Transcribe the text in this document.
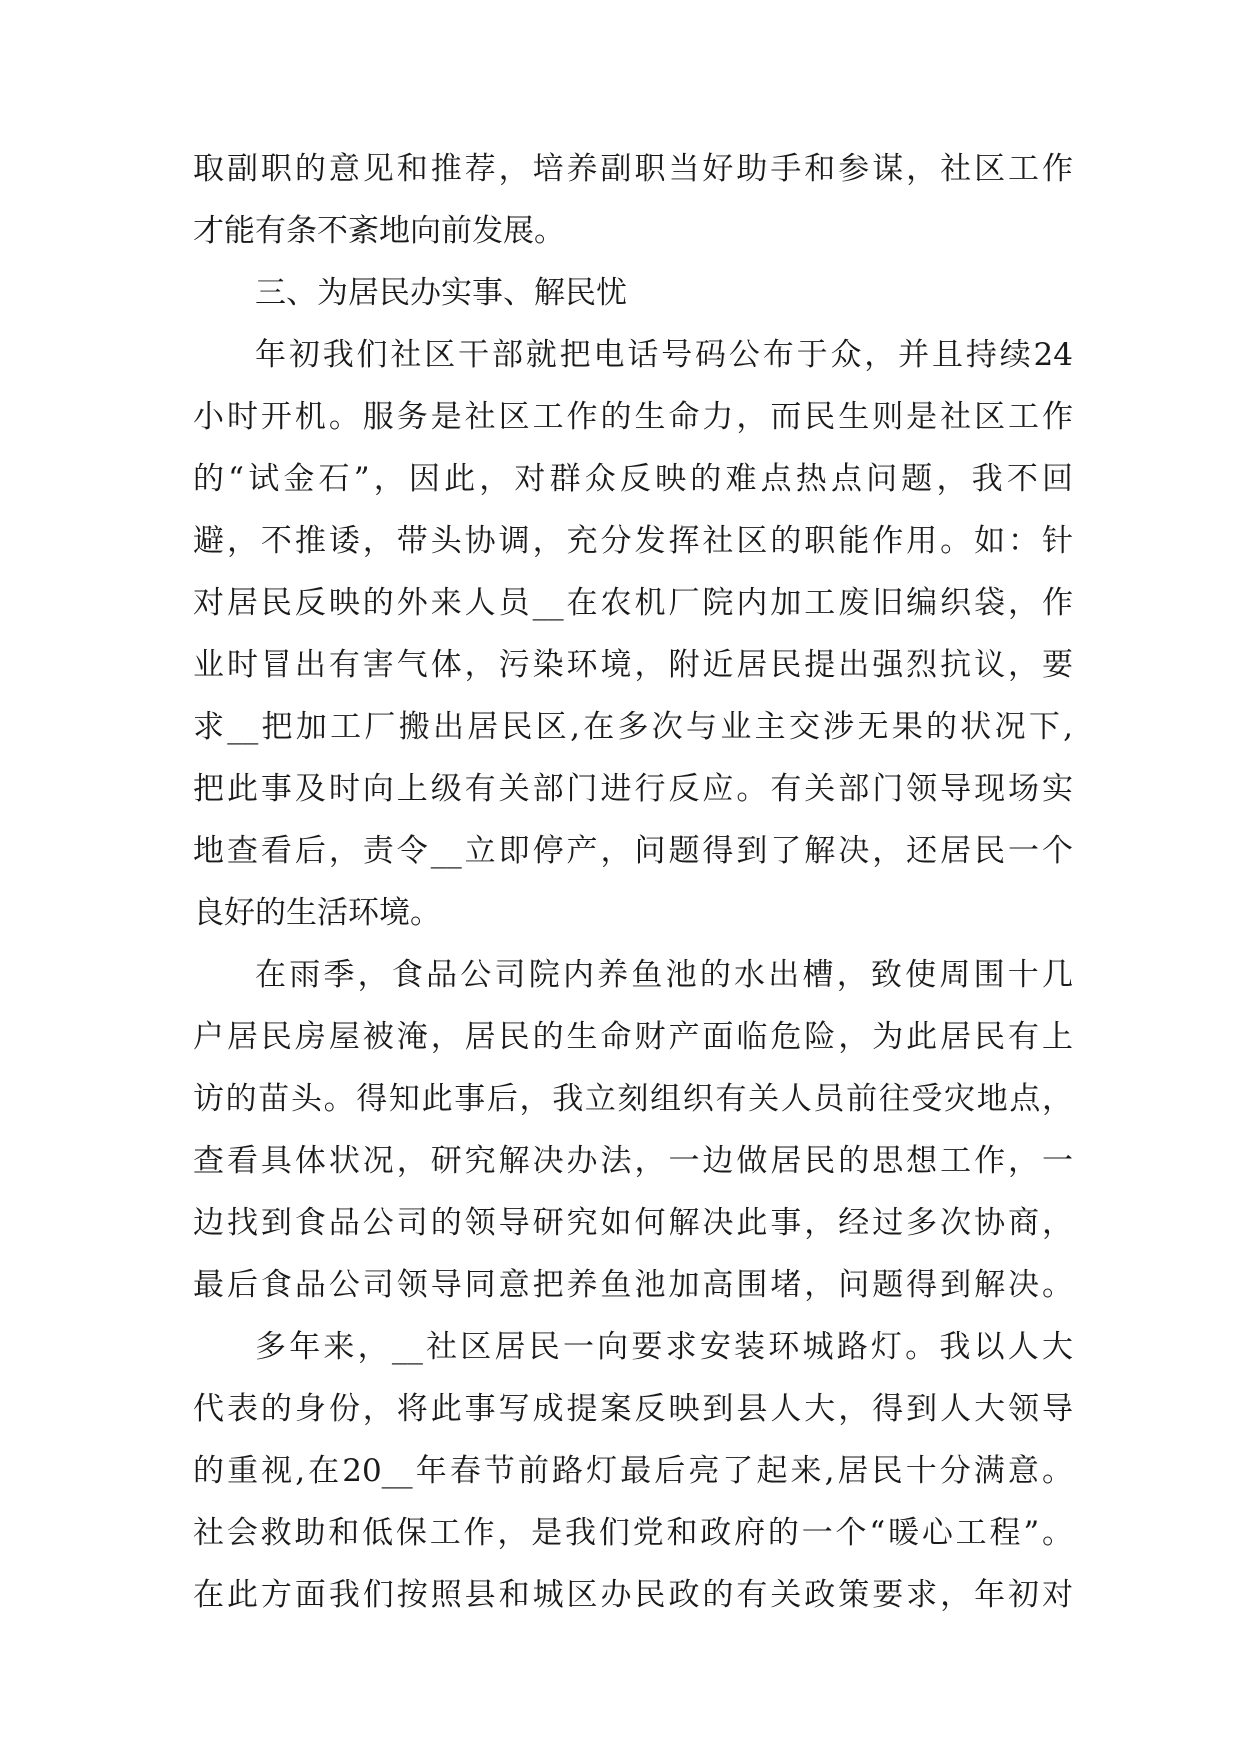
取副职的意见和推荐，培养副职当好助手和参谋，社区工作
才能有条不紊地向前发展。
三、为居民办实事、解民忧
年初我们社区干部就把电话号码公布于众，并且持续24
小时开机。服务是社区工作的生命力，而民生则是社区工作
的“试金石”，因此，对群众反映的难点热点问题，我不回
避，不推诿，带头协调，充分发挥社区的职能作用。如：针
对居民反映的外来人员__在农机厂院内加工废旧编织袋，作
业时冒出有害气体，污染环境，附近居民提出强烈抗议，要
求__把加工厂搬出居民区,在多次与业主交涉无果的状况下,
把此事及时向上级有关部门进行反应。有关部门领导现场实
地查看后，责令__立即停产，问题得到了解决，还居民一个
良好的生活环境。
在雨季，食品公司院内养鱼池的水出槽，致使周围十几
户居民房屋被淹，居民的生命财产面临危险，为此居民有上
访的苗头。得知此事后，我立刻组织有关人员前往受灾地点，
查看具体状况，研究解决办法，一边做居民的思想工作，一
边找到食品公司的领导研究如何解决此事，经过多次协商，
最后食品公司领导同意把养鱼池加高围堵，问题得到解决。
多年来，__社区居民一向要求安装环城路灯。我以人大
代表的身份，将此事写成提案反映到县人大，得到人大领导
的重视,在20__年春节前路灯最后亮了起来,居民十分满意。
社会救助和低保工作，是我们党和政府的一个“暖心工程”。
在此方面我们按照县和城区办民政的有关政策要求，年初对
